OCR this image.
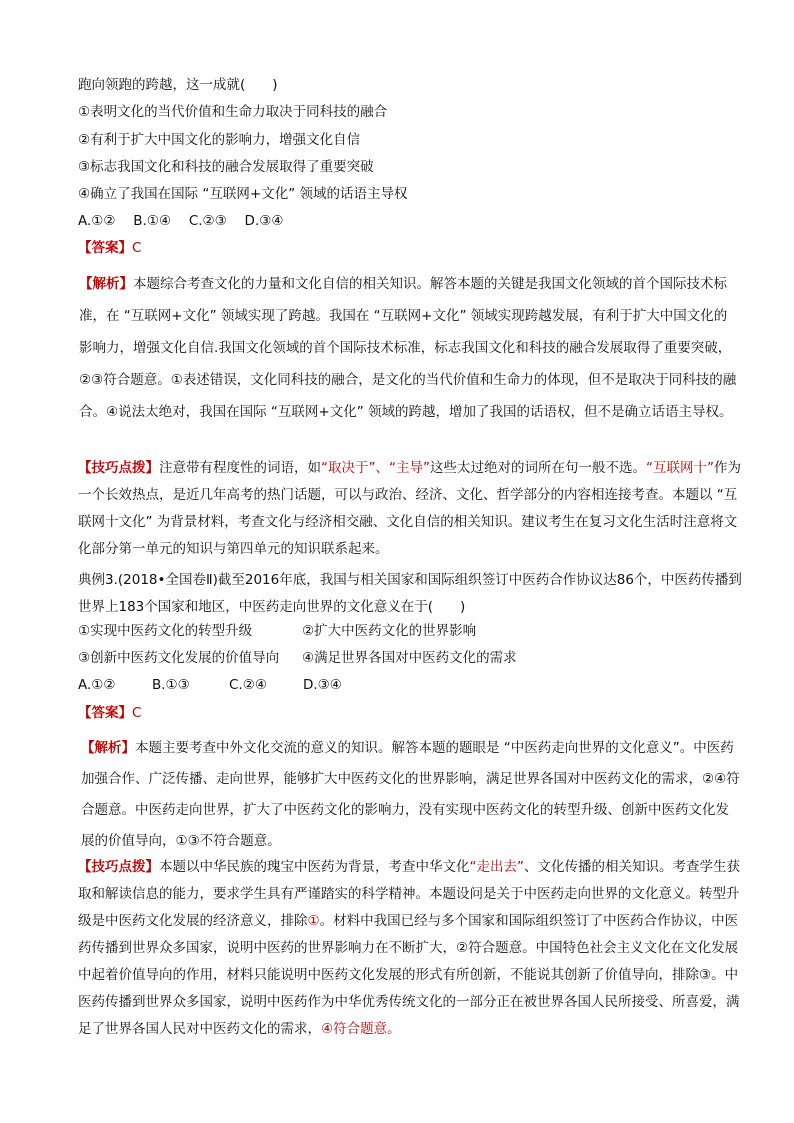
跑向领跑的跨越，这一成就(　　)
①表明文化的当代价值和生命力取决于同科技的融合
②有利于扩大中国文化的影响力，增强文化自信
③标志我国文化和科技的融合发展取得了重要突破
④确立了我国在国际 “互联网+文化” 领域的话语主导权
A.①②　 B.①④　 C.②③　 D.③④
【答案】C
【解析】本题综合考查文化的力量和文化自信的相关知识。解答本题的关键是我国文化领域的首个国际技术标准，在 “互联网+文化” 领域实现了跨越。我国在 “互联网+文化” 领域实现跨越发展，有利于扩大中国文化的影响力，增强文化自信.我国文化领域的首个国际技术标准，标志我国文化和科技的融合发展取得了重要突破，②③符合题意。①表述错误，文化同科技的融合，是文化的当代价值和生命力的体现，但不是取决于同科技的融合。④说法太绝对，我国在国际 “互联网+文化” 领域的跨越，增加了我国的话语权，但不是确立话语主导权。
【技巧点拨】注意带有程度性的词语，如“取决于”、“主导”这些太过绝对的词所在句一般不选。“互联网十”作为一个长效热点，是近几年高考的热门话题，可以与政治、经济、文化、哲学部分的内容相连接考查。本题以 “互联网十文化” 为背景材料，考查文化与经济相交融、文化自信的相关知识。建议考生在复习文化生活时注意将文化部分第一单元的知识与第四单元的知识联系起来。
典例3.(2018•全国卷Ⅱ)截至2016年底，我国与相关国家和国际组织签订中医药合作协议达86个，中医药传播到世界上183个国家和地区，中医药走向世界的文化意义在于(　　)
①实现中医药文化的转型升级	②扩大中医药文化的世界影响
③创新中医药文化发展的价值导向 ④满足世界各国对中医药文化的需求
A.①②	B.①③	C.②④	D.③④
【答案】C
【解析】本题主要考查中外文化交流的意义的知识。解答本题的题眼是 “中医药走向世界的文化意义”。中医药加强合作、广泛传播、走向世界，能够扩大中医药文化的世界影响，满足世界各国对中医药文化的需求，②④符合题意。中医药走向世界，扩大了中医药文化的影响力，没有实现中医药文化的转型升级、创新中医药文化发展的价值导向，①③不符合题意。
【技巧点拨】本题以中华民族的瑰宝中医药为背景，考查中华文化“走出去”、文化传播的相关知识。考查学生获取和解读信息的能力，要求学生具有严谨踏实的科学精神。本题设问是关于中医药走向世界的文化意义。转型升级是中医药文化发展的经济意义，排除①。材料中我国已经与多个国家和国际组织签订了中医药合作协议，中医药传播到世界众多国家，说明中医药的世界影响力在不断扩大，②符合题意。中国特色社会主义文化在文化发展中起着价值导向的作用，材料只能说明中医药文化发展的形式有所创新，不能说其创新了价值导向，排除③。中医药传播到世界众多国家，说明中医药作为中华优秀传统文化的一部分正在被世界各国人民所接受、所喜爱，满足了世界各国人民对中医药文化的需求，④符合题意。
